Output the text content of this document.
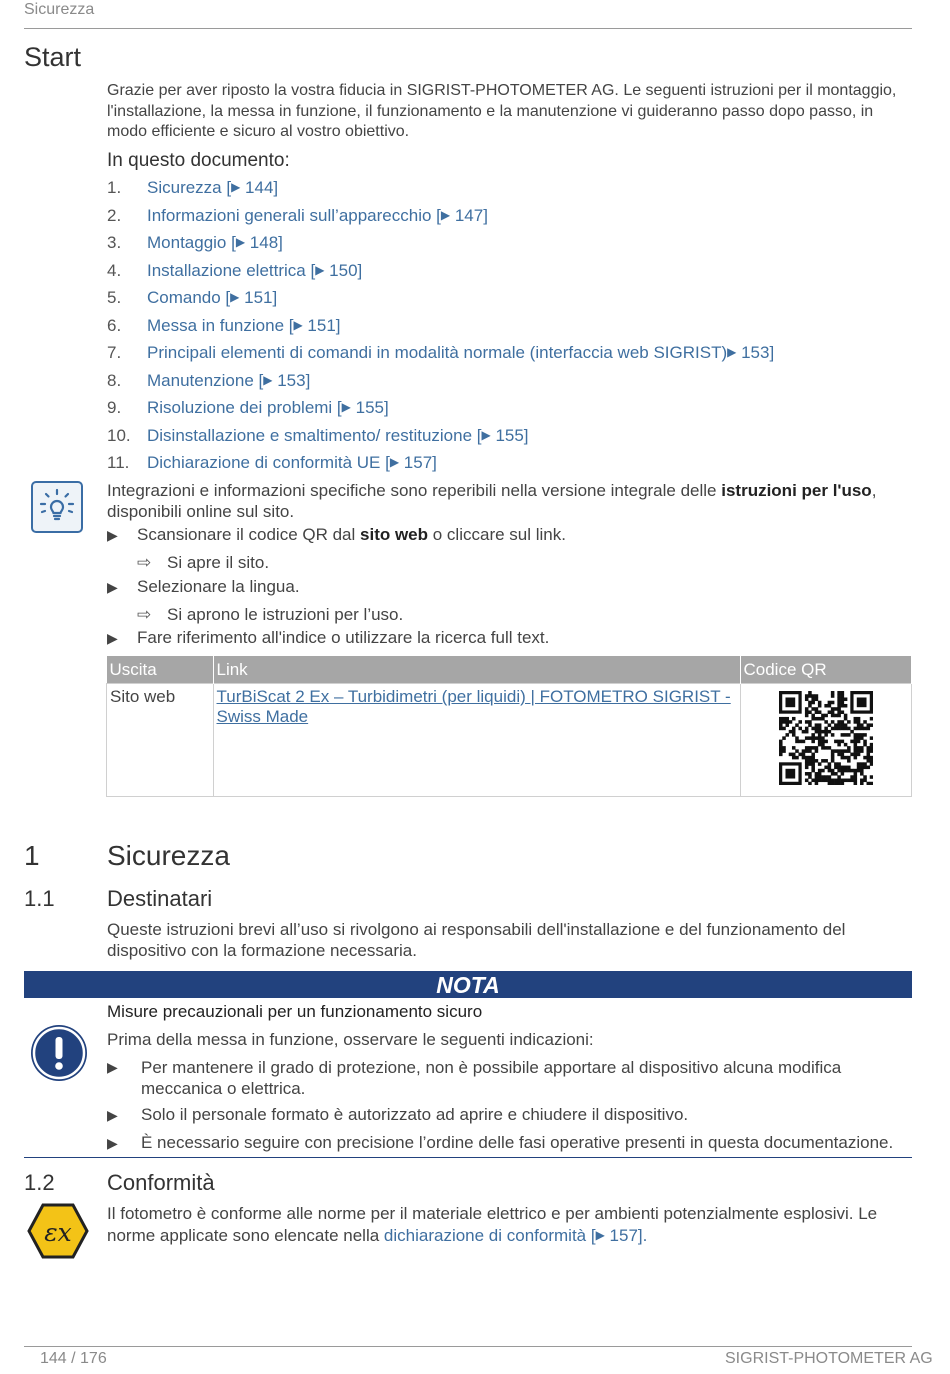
Sicurezza
Start
Grazie per aver riposto la vostra fiducia in SIGRIST-PHOTOMETER AG. Le seguenti istruzioni per il montaggio, l'installazione, la messa in funzione, il funzionamento e la manutenzione vi guideranno passo dopo passo, in modo efficiente e sicuro al vostro obiettivo.
In questo documento:
1.	Sicurezza [▶ 144]
2.	Informazioni generali sull’apparecchio [▶ 147]
3.	Montaggio [▶ 148]
4.	Installazione elettrica [▶ 150]
5.	Comando [▶ 151]
6.	Messa in funzione [▶ 151]
7.	Principali elementi di comandi in modalità normale (interfaccia web SIGRIST)▶ 153]
8.	Manutenzione [▶ 153]
9.	Risoluzione dei problemi [▶ 155]
10. Disinstallazione e smaltimento/ restituzione [▶ 155]
11.	Dichiarazione di conformità UE [▶ 157]
Integrazioni e informazioni specifiche sono reperibili nella versione integrale delle istruzioni per l'uso, disponibili online sul sito.
▶ Scansionare il codice QR dal sito web o cliccare sul link.
⇨ Si apre il sito.
▶ Selezionare la lingua.
⇨ Si aprono le istruzioni per l’uso.
▶ Fare riferimento all'indice o utilizzare la ricerca full text.
Uscita	Link	Codice QR
Sito web	TurBiScat 2 Ex – Turbidimetri (per liquidi) | FOTOMETRO SIGRIST - Swiss Made	
1 Sicurezza
1.1 Destinatari
Queste istruzioni brevi all’uso si rivolgono ai responsabili dell'installazione e del funzionamento del dispositivo con la formazione necessaria.
NOTA
Misure precauzionali per un funzionamento sicuro
Prima della messa in funzione, osservare le seguenti indicazioni:
▶	Per mantenere il grado di protezione, non è possibile apportare al dispositivo alcuna modifica meccanica o elettrica.
▶ Solo il personale formato è autorizzato ad aprire e chiudere il dispositivo.
▶ È necessario seguire con precisione l’ordine delle fasi operative presenti in questa documentazione.
1.2 Conformità
εx
Il fotometro è conforme alle norme per il materiale elettrico e per ambienti potenzialmente esplosivi. Le norme applicate sono elencate nella dichiarazione di conformità [▶ 157].
144 / 176	SIGRIST-PHOTOMETER AG
